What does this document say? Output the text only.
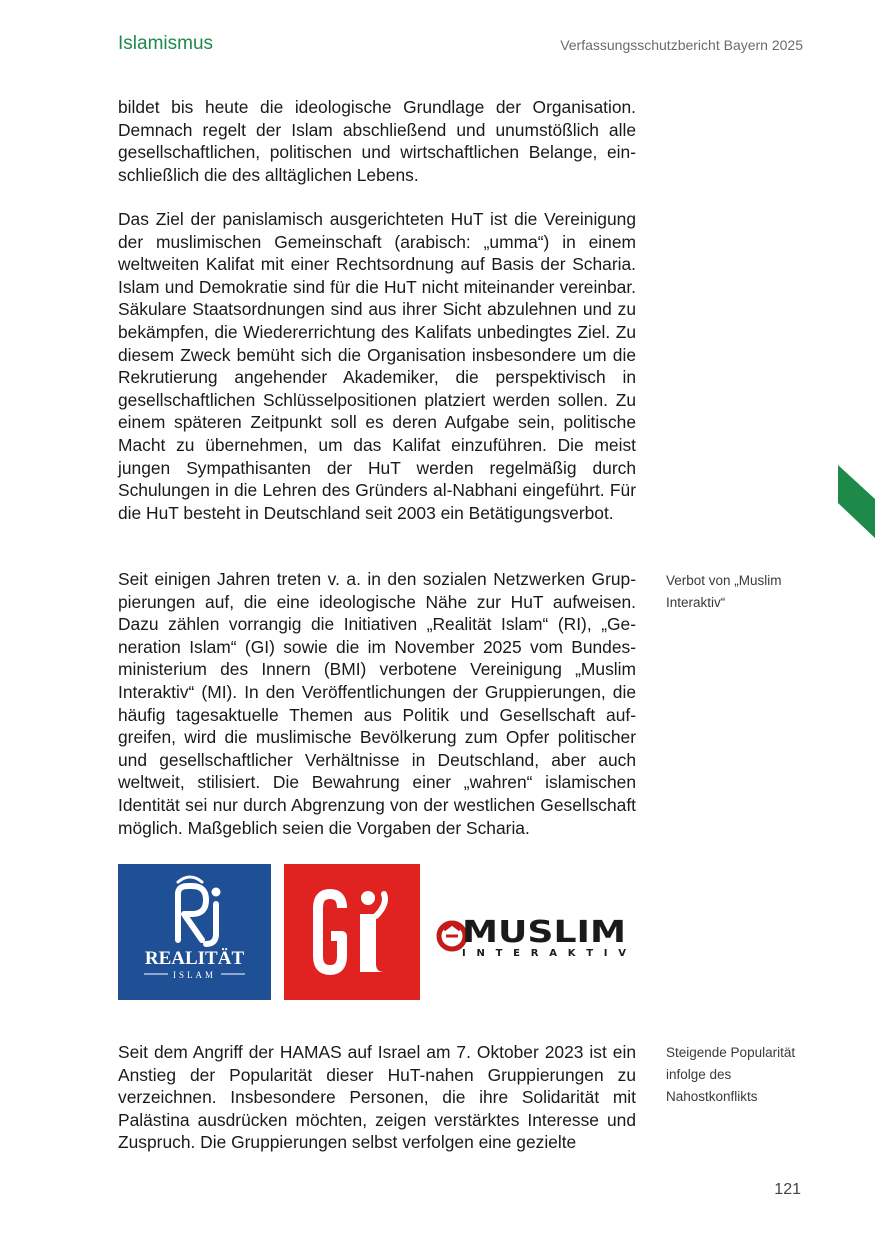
Islamismus	Verfassungsschutzbericht Bayern 2025

bildet bis heute die ideologische Grundlage der Organisation. Demnach regelt der Islam abschließend und unumstößlich alle gesellschaftlichen, politischen und wirtschaftlichen Belange, einschließlich die des alltäglichen Lebens.

Das Ziel der panislamisch ausgerichteten HuT ist die Vereinigung der muslimischen Gemeinschaft (arabisch: „umma“) in einem weltweiten Kalifat mit einer Rechtsordnung auf Basis der Scharia. Islam und Demokratie sind für die HuT nicht miteinander vereinbar. Säkulare Staatsordnungen sind aus ihrer Sicht abzulehnen und zu bekämpfen, die Wiedererrichtung des Kalifats unbedingtes Ziel. Zu diesem Zweck bemüht sich die Organisation insbesondere um die Rekrutierung angehender Akademiker, die perspektivisch in gesellschaftlichen Schlüsselpositionen platziert werden sollen. Zu einem späteren Zeitpunkt soll es deren Aufgabe sein, politische Macht zu übernehmen, um das Kalifat einzuführen. Die meist jungen Sympathisanten der HuT werden regelmäßig durch Schulungen in die Lehren des Gründers al-Nabhani eingeführt. Für die HuT besteht in Deutschland seit 2003 ein Betätigungsverbot.

Seit einigen Jahren treten v. a. in den sozialen Netzwerken Gruppierungen auf, die eine ideologische Nähe zur HuT aufweisen. Dazu zählen vorrangig die Initiativen „Realität Islam“ (RI), „Generation Islam“ (GI) sowie die im November 2025 vom Bundesministerium des Innern (BMI) verbotene Vereinigung „Muslim Interaktiv“ (MI). In den Veröffentlichungen der Gruppierungen, die häufig tagesaktuelle Themen aus Politik und Gesellschaft aufgreifen, wird die muslimische Bevölkerung zum Opfer politischer und gesellschaftlicher Verhältnisse in Deutschland, aber auch weltweit, stilisiert. Die Bewahrung einer „wahren“ islamischen Identität sei nur durch Abgrenzung von der westlichen Gesellschaft möglich. Maßgeblich seien die Vorgaben der Scharia.

Seit dem Angriff der HAMAS auf Israel am 7. Oktober 2023 ist ein Anstieg der Popularität dieser HuT-nahen Gruppierungen zu verzeichnen. Insbesondere Personen, die ihre Solidarität mit Palästina ausdrücken möchten, zeigen verstärktes Interesse und Zuspruch. Die Gruppierungen selbst verfolgen eine gezielte

Verbot von „Muslim Interaktiv“
Steigende Popularität infolge des Nahostkonflikts
REALITÄT
ISLAM
MUSLIM
INTERAKTIV
121
